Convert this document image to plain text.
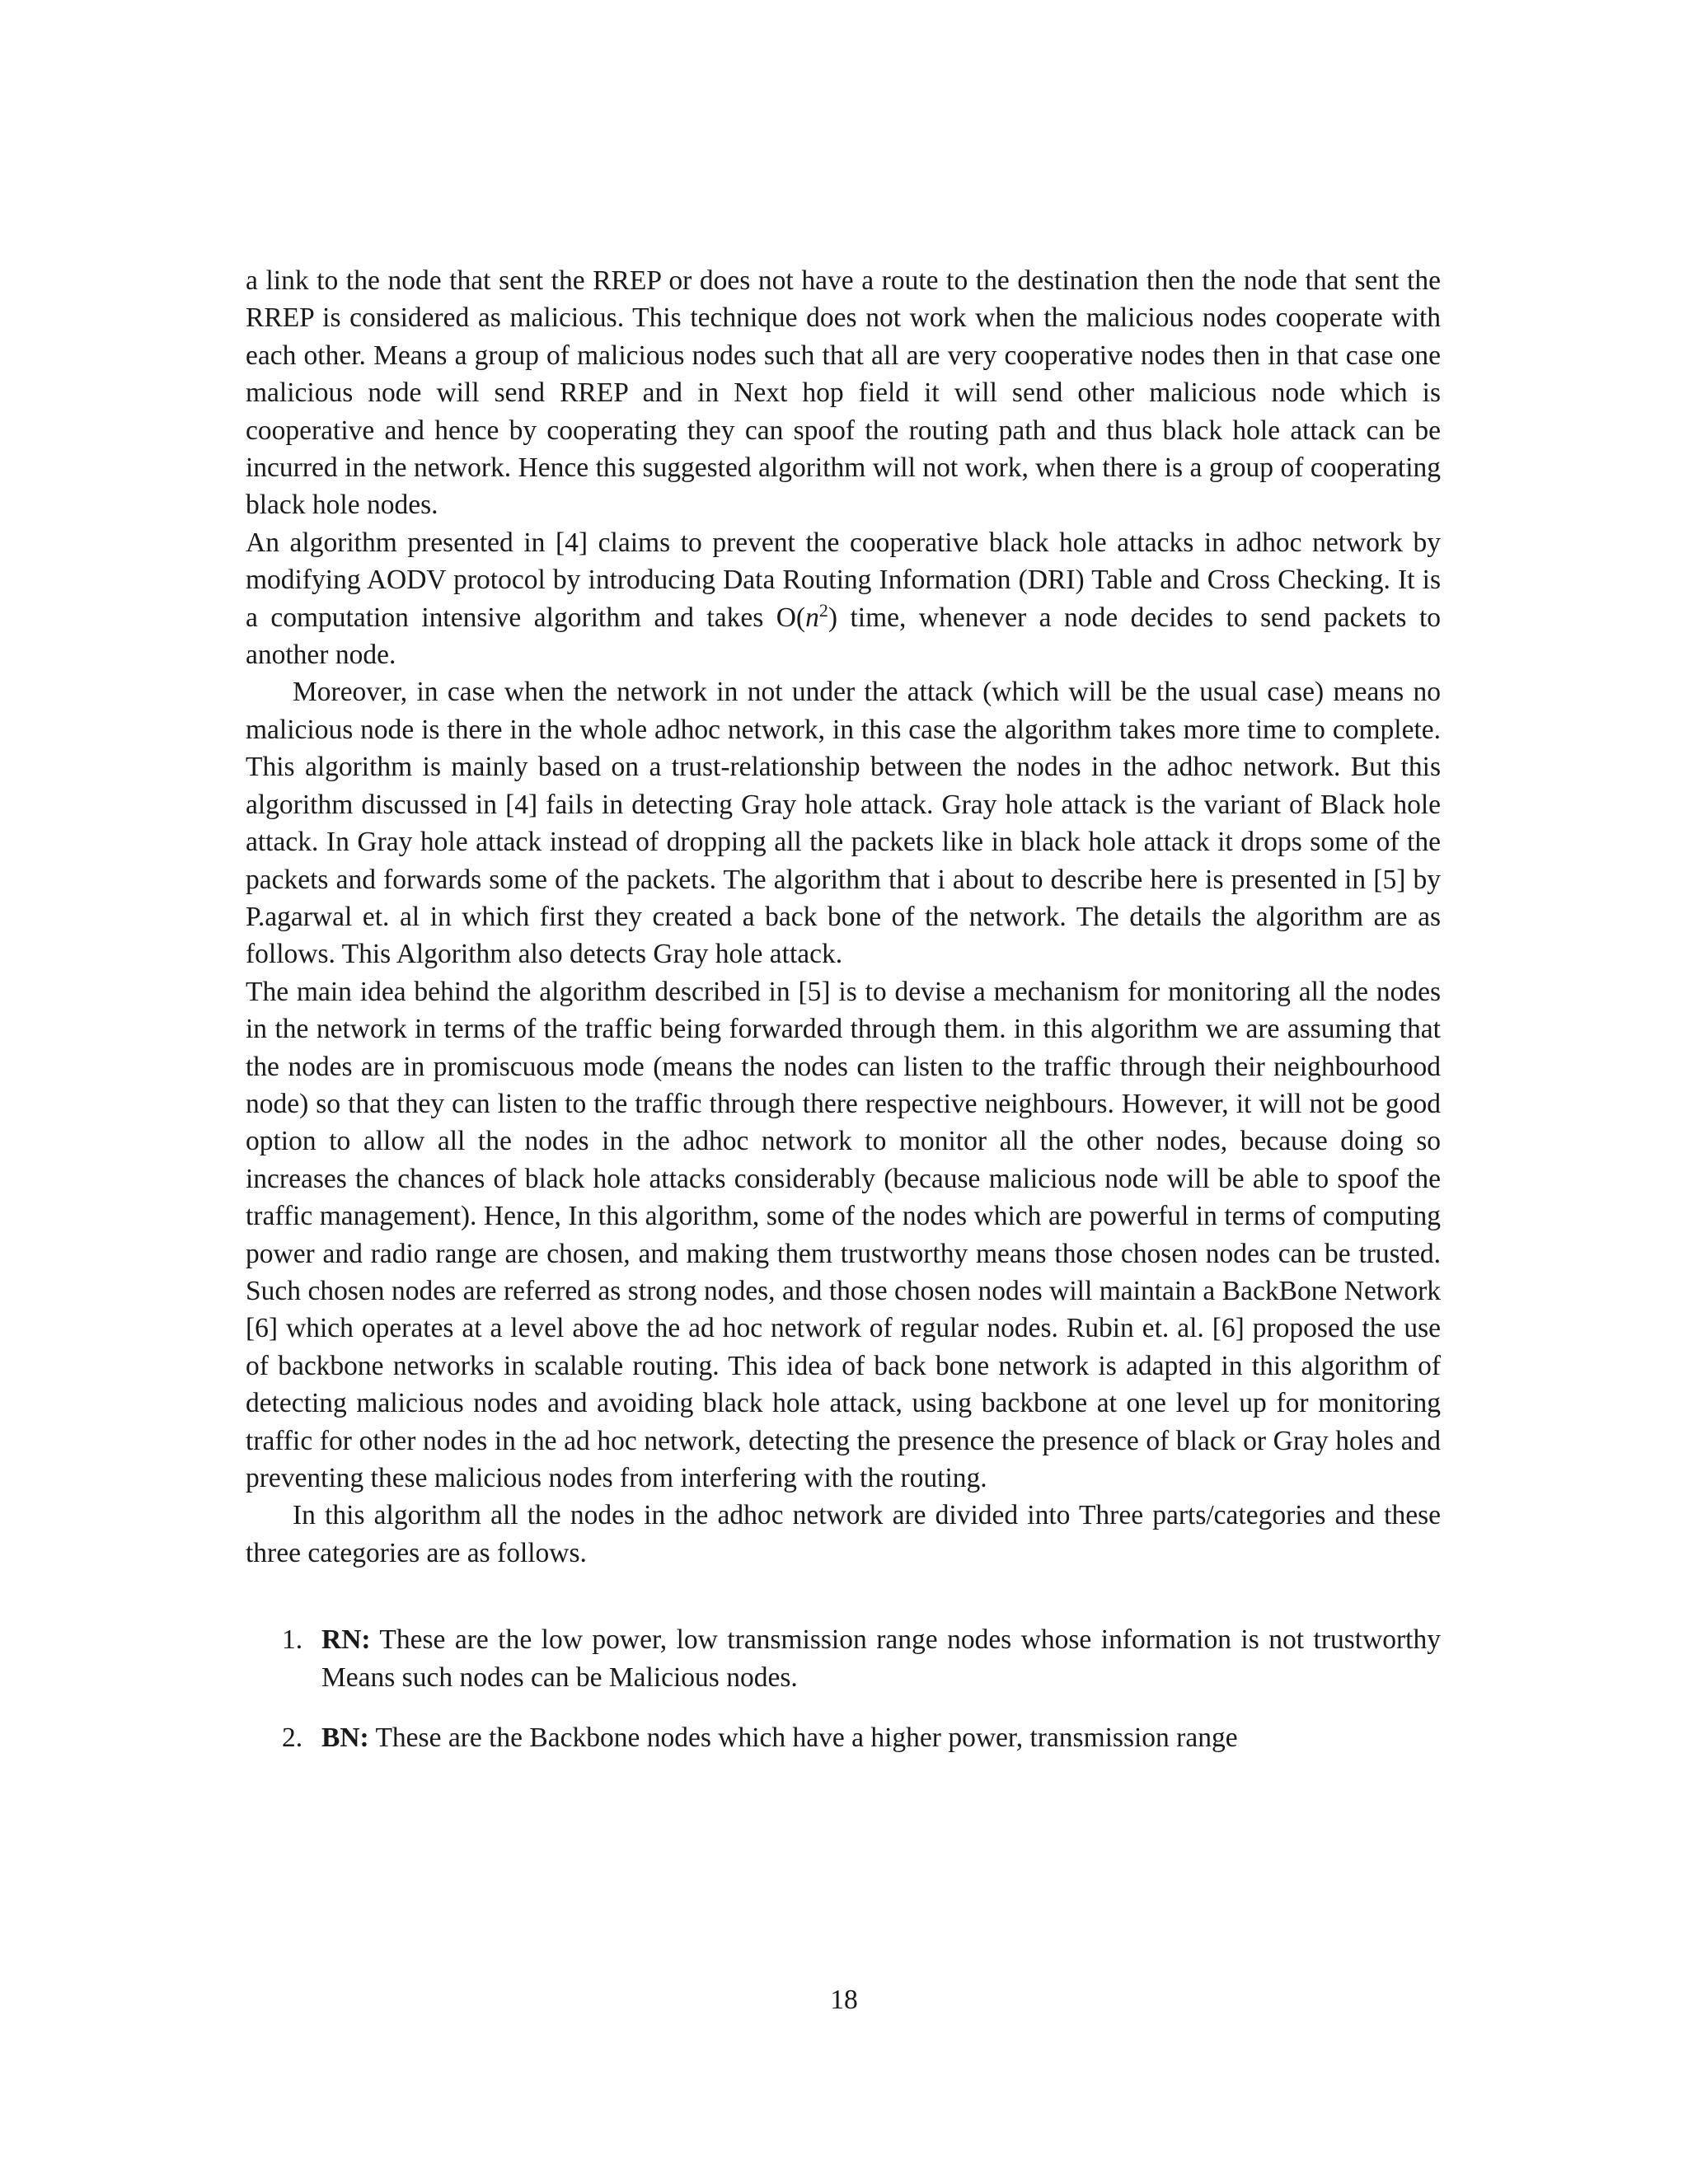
a link to the node that sent the RREP or does not have a route to the destination then the node that sent the RREP is considered as malicious. This technique does not work when the malicious nodes cooperate with each other. Means a group of malicious nodes such that all are very cooperative nodes then in that case one malicious node will send RREP and in Next hop field it will send other malicious node which is cooperative and hence by cooperating they can spoof the routing path and thus black hole attack can be incurred in the network. Hence this suggested algorithm will not work, when there is a group of cooperating black hole nodes.

An algorithm presented in [4] claims to prevent the cooperative black hole attacks in adhoc network by modifying AODV protocol by introducing Data Routing Information (DRI) Table and Cross Checking. It is a computation intensive algorithm and takes $O(n^2)$ time, whenever a node decides to send packets to another node.

Moreover, in case when the network in not under the attack (which will be the usual case) means no malicious node is there in the whole adhoc network, in this case the algorithm takes more time to complete. This algorithm is mainly based on a trust-relationship between the nodes in the adhoc network. But this algorithm discussed in [4] fails in detecting Gray hole attack. Gray hole attack is the variant of Black hole attack. In Gray hole attack instead of dropping all the packets like in black hole attack it drops some of the packets and forwards some of the packets. The algorithm that i about to describe here is presented in [5] by P.agarwal et. al in which first they created a back bone of the network. The details the algorithm are as follows. This Algorithm also detects Gray hole attack.

The main idea behind the algorithm described in [5] is to devise a mechanism for monitoring all the nodes in the network in terms of the traffic being forwarded through them. in this algorithm we are assuming that the nodes are in promiscuous mode (means the nodes can listen to the traffic through their neighbourhood node) so that they can listen to the traffic through there respective neighbours. However, it will not be good option to allow all the nodes in the adhoc network to monitor all the other nodes, because doing so increases the chances of black hole attacks considerably (because malicious node will be able to spoof the traffic management). Hence, In this algorithm, some of the nodes which are powerful in terms of computing power and radio range are chosen, and making them trustworthy means those chosen nodes can be trusted. Such chosen nodes are referred as strong nodes, and those chosen nodes will maintain a BackBone Network [6] which operates at a level above the ad hoc network of regular nodes. Rubin et. al. [6] proposed the use of backbone networks in scalable routing. This idea of back bone network is adapted in this algorithm of detecting malicious nodes and avoiding black hole attack, using backbone at one level up for monitoring traffic for other nodes in the ad hoc network, detecting the presence the presence of black or Gray holes and preventing these malicious nodes from interfering with the routing.

In this algorithm all the nodes in the adhoc network are divided into Three parts/categories and these three categories are as follows.

1. RN: These are the low power, low transmission range nodes whose information is not trustworthy Means such nodes can be Malicious nodes.
2. BN: These are the Backbone nodes which have a higher power, transmission range
18
